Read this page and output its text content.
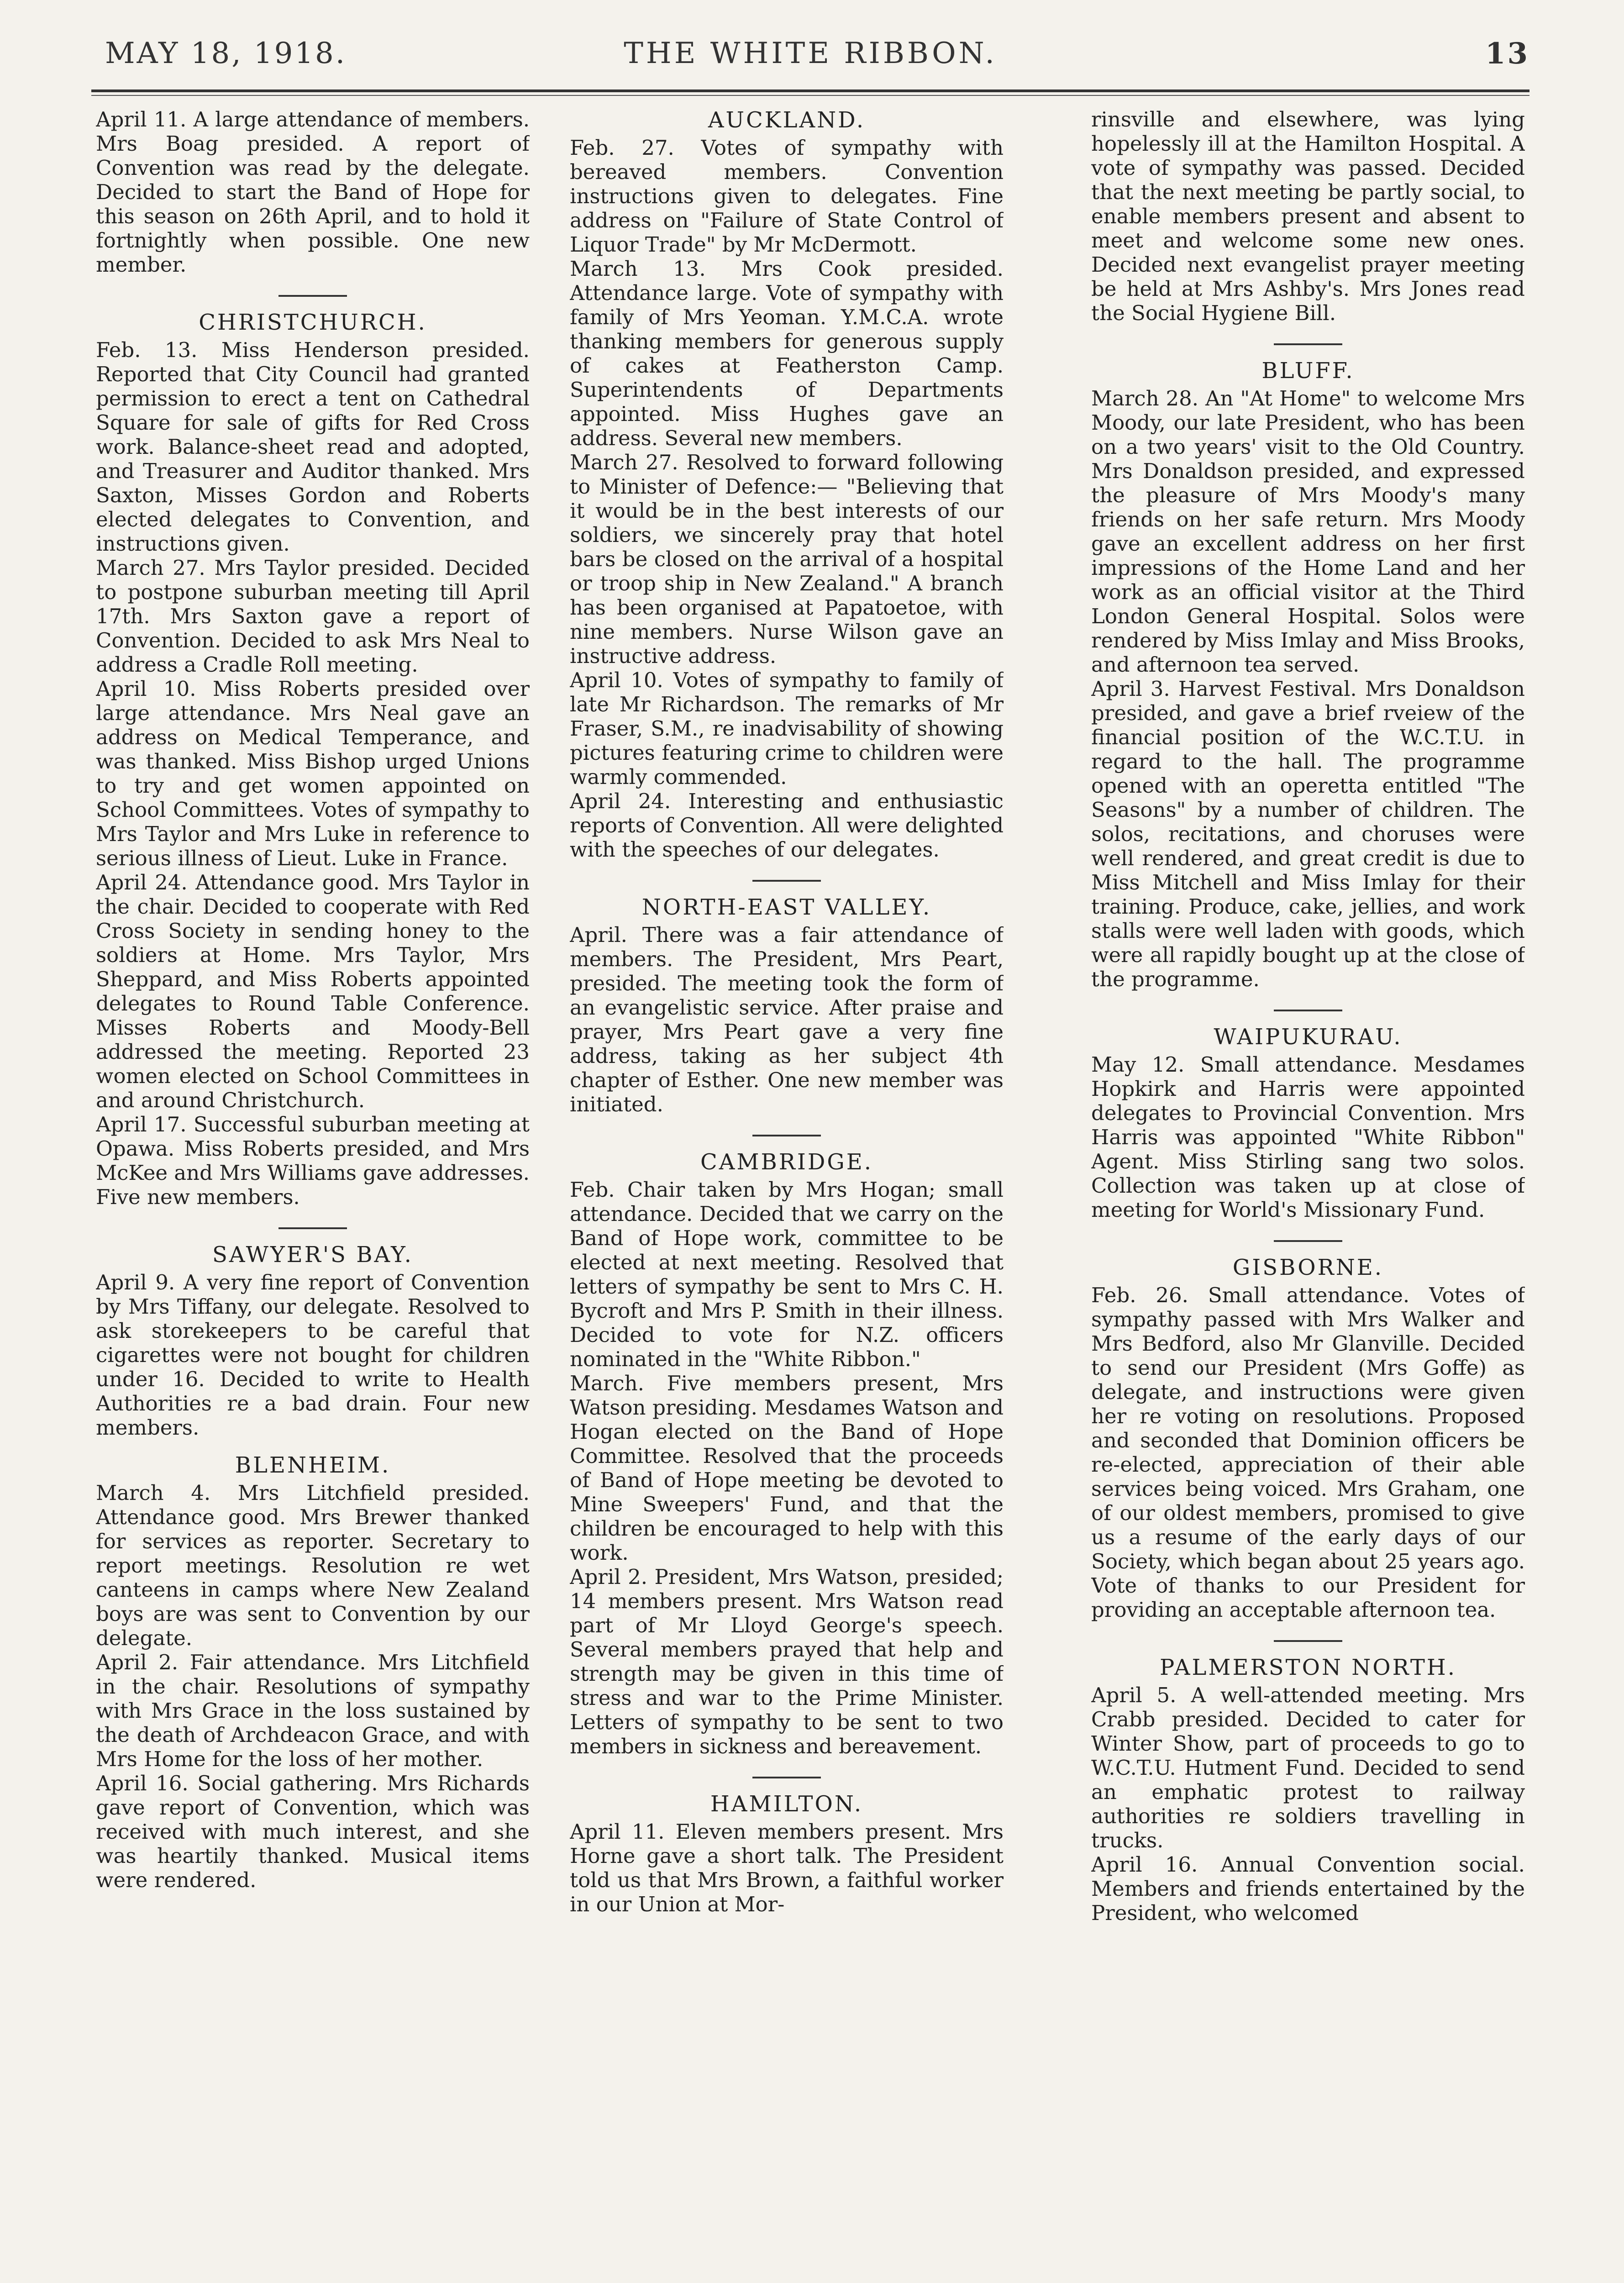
MAY 18, 1918.	THE WHITE RIBBON.	13

April 11. A large attendance of members. Mrs Boag presided. A report of Convention was read by the delegate. Decided to start the Band of Hope for this season on 26th April, and to hold it fortnightly when possible. One new member.

CHRISTCHURCH.

Feb. 13. Miss Henderson presided. Reported that City Council had granted permission to erect a tent on Cathedral Square for sale of gifts for Red Cross work. Balance-sheet read and adopted, and Treasurer and Auditor thanked. Mrs Saxton, Misses Gordon and Roberts elected delegates to Convention, and instructions given.

March 27. Mrs Taylor presided. Decided to postpone suburban meeting till April 17th. Mrs Saxton gave a report of Convention. Decided to ask Mrs Neal to address a Cradle Roll meeting.

April 10. Miss Roberts presided over large attendance. Mrs Neal gave an address on Medical Temperance, and was thanked. Miss Bishop urged Unions to try and get women appointed on School Committees. Votes of sympathy to Mrs Taylor and Mrs Luke in reference to serious illness of Lieut. Luke in France.

April 24. Attendance good. Mrs Taylor in the chair. Decided to cooperate with Red Cross Society in sending honey to the soldiers at Home. Mrs Taylor, Mrs Sheppard, and Miss Roberts appointed delegates to Round Table Conference. Misses Roberts and Moody-Bell addressed the meeting. Reported 23 women elected on School Committees in and around Christchurch.

April 17. Successful suburban meeting at Opawa. Miss Roberts presided, and Mrs McKee and Mrs Williams gave addresses. Five new members.

SAWYER'S BAY.

April 9. A very fine report of Convention by Mrs Tiffany, our delegate. Resolved to ask storekeepers to be careful that cigarettes were not bought for children under 16. Decided to write to Health Authorities re a bad drain. Four new members.

BLENHEIM.

March 4. Mrs Litchfield presided. Attendance good. Mrs Brewer thanked for services as reporter. Secretary to report meetings. Resolution re wet canteens in camps where New Zealand boys are was sent to Convention by our delegate.

April 2. Fair attendance. Mrs Litchfield in the chair. Resolutions of sympathy with Mrs Grace in the loss sustained by the death of Archdeacon Grace, and with Mrs Home for the loss of her mother.

April 16. Social gathering. Mrs Richards gave report of Convention, which was received with much interest, and she was heartily thanked. Musical items were rendered.

AUCKLAND.

Feb. 27. Votes of sympathy with bereaved members. Convention instructions given to delegates. Fine address on "Failure of State Control of Liquor Trade" by Mr McDermott.

March 13. Mrs Cook presided. Attendance large. Vote of sympathy with family of Mrs Yeoman. Y.M.C.A. wrote thanking members for generous supply of cakes at Featherston Camp. Superintendents of Departments appointed. Miss Hughes gave an address. Several new members.

March 27. Resolved to forward following to Minister of Defence:— "Believing that it would be in the best interests of our soldiers, we sincerely pray that hotel bars be closed on the arrival of a hospital or troop ship in New Zealand." A branch has been organised at Papatoetoe, with nine members. Nurse Wilson gave an instructive address.

April 10. Votes of sympathy to family of late Mr Richardson. The remarks of Mr Fraser, S.M., re inadvisability of showing pictures featuring crime to children were warmly commended.

April 24. Interesting and enthusiastic reports of Convention. All were delighted with the speeches of our delegates.

NORTH-EAST VALLEY.

April. There was a fair attendance of members. The President, Mrs Peart, presided. The meeting took the form of an evangelistic service. After praise and prayer, Mrs Peart gave a very fine address, taking as her subject 4th chapter of Esther. One new member was initiated.

CAMBRIDGE.

Feb. Chair taken by Mrs Hogan; small attendance. Decided that we carry on the Band of Hope work, committee to be elected at next meeting. Resolved that letters of sympathy be sent to Mrs C. H. Bycroft and Mrs P. Smith in their illness. Decided to vote for N.Z. officers nominated in the "White Ribbon."

March. Five members present, Mrs Watson presiding. Mesdames Watson and Hogan elected on the Band of Hope Committee. Resolved that the proceeds of Band of Hope meeting be devoted to Mine Sweepers' Fund, and that the children be encouraged to help with this work.

April 2. President, Mrs Watson, presided; 14 members present. Mrs Watson read part of Mr Lloyd George's speech. Several members prayed that help and strength may be given in this time of stress and war to the Prime Minister. Letters of sympathy to be sent to two members in sickness and bereavement.

HAMILTON.

April 11. Eleven members present. Mrs Horne gave a short talk. The President told us that Mrs Brown, a faithful worker in our Union at Mor-

rinsville and elsewhere, was lying hopelessly ill at the Hamilton Hospital. A vote of sympathy was passed. Decided that the next meeting be partly social, to enable members present and absent to meet and welcome some new ones. Decided next evangelist prayer meeting be held at Mrs Ashby's. Mrs Jones read the Social Hygiene Bill.

BLUFF.

March 28. An "At Home" to welcome Mrs Moody, our late President, who has been on a two years' visit to the Old Country. Mrs Donaldson presided, and expressed the pleasure of Mrs Moody's many friends on her safe return. Mrs Moody gave an excellent address on her first impressions of the Home Land and her work as an official visitor at the Third London General Hospital. Solos were rendered by Miss Imlay and Miss Brooks, and afternoon tea served.

April 3. Harvest Festival. Mrs Donaldson presided, and gave a brief rveiew of the financial position of the W.C.T.U. in regard to the hall. The programme opened with an operetta entitled "The Seasons" by a number of children. The solos, recitations, and choruses were well rendered, and great credit is due to Miss Mitchell and Miss Imlay for their training. Produce, cake, jellies, and work stalls were well laden with goods, which were all rapidly bought up at the close of the programme.

WAIPUKURAU.

May 12. Small attendance. Mesdames Hopkirk and Harris were appointed delegates to Provincial Convention. Mrs Harris was appointed "White Ribbon" Agent. Miss Stirling sang two solos. Collection was taken up at close of meeting for World's Missionary Fund.

GISBORNE.

Feb. 26. Small attendance. Votes of sympathy passed with Mrs Walker and Mrs Bedford, also Mr Glanville. Decided to send our President (Mrs Goffe) as delegate, and instructions were given her re voting on resolutions. Proposed and seconded that Dominion officers be re-elected, appreciation of their able services being voiced. Mrs Graham, one of our oldest members, promised to give us a resume of the early days of our Society, which began about 25 years ago. Vote of thanks to our President for providing an acceptable afternoon tea.

PALMERSTON NORTH.

April 5. A well-attended meeting. Mrs Crabb presided. Decided to cater for Winter Show, part of proceeds to go to W.C.T.U. Hutment Fund. Decided to send an emphatic protest to railway authorities re soldiers travelling in trucks.

April 16. Annual Convention social. Members and friends entertained by the President, who welcomed
